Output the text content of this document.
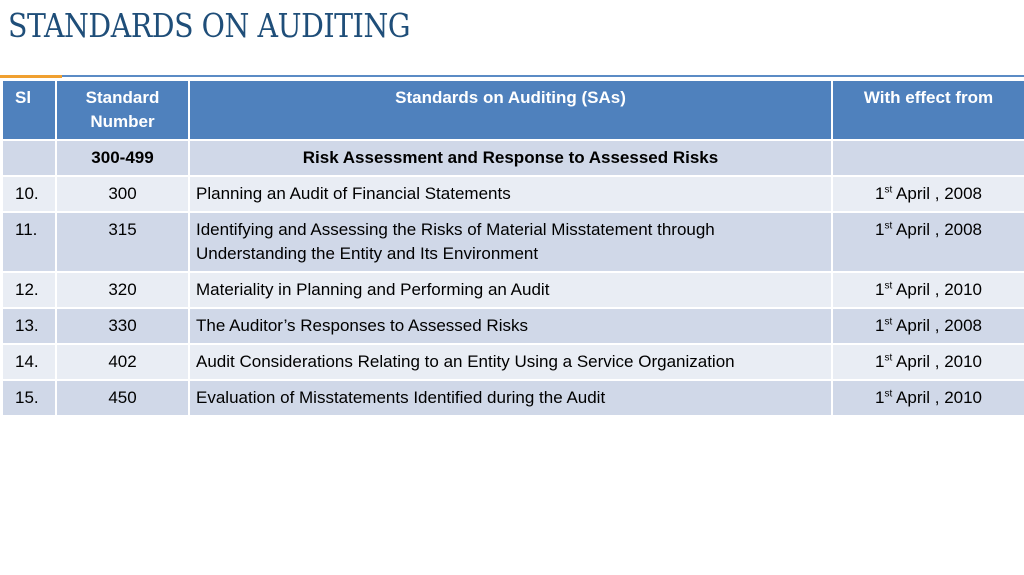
STANDARDS ON AUDITING
Sl	Standard Number	Standards on Auditing (SAs)	With effect from
	300-499	Risk Assessment and Response to Assessed Risks	
10.	300	Planning an Audit of Financial Statements	1st April , 2008
11.	315	Identifying and Assessing the Risks of Material Misstatement through Understanding the Entity and Its Environment	1st April , 2008
12.	320	Materiality in Planning and Performing an Audit	1st April , 2010
13.	330	The Auditor’s Responses to Assessed Risks	1st April , 2008
14.	402	Audit Considerations Relating to an Entity Using a Service Organization	1st April , 2010
15.	450	Evaluation of Misstatements Identified during the Audit	1st April , 2010
